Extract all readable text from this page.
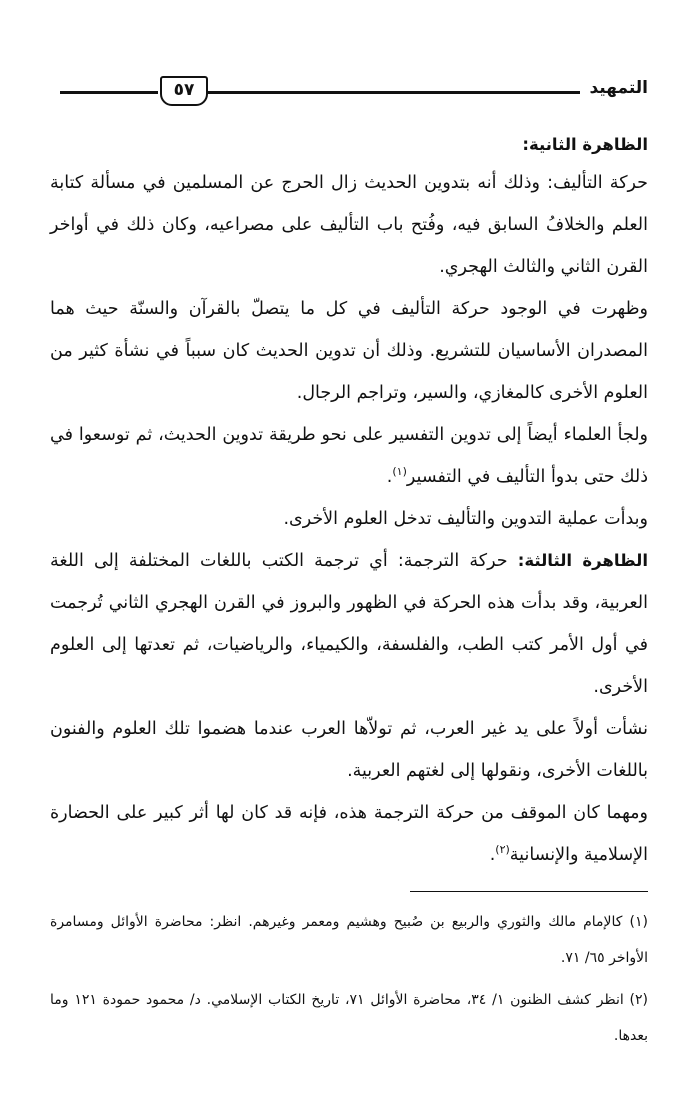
التمهيد
٥٧

الظاهرة الثانية:

حركة التأليف: وذلك أنه بتدوين الحديث زال الحرج عن المسلمين في مسألة كتابة العلم والخلافُ السابق فيه، وفُتح باب التأليف على مصراعيه، وكان ذلك في أواخر القرن الثاني والثالث الهجري.

وظهرت في الوجود حركة التأليف في كل ما يتصلّ بالقرآن والسنّة حيث هما المصدران الأساسيان للتشريع. وذلك أن تدوين الحديث كان سبباً في نشأة كثير من العلوم الأخرى كالمغازي، والسير، وتراجم الرجال.

ولجأ العلماء أيضاً إلى تدوين التفسير على نحو طريقة تدوين الحديث، ثم توسعوا في ذلك حتى بدوأ التأليف في التفسير$^{(١)}$.

وبدأت عملية التدوين والتأليف تدخل العلوم الأخرى.

الظاهرة الثالثة: حركة الترجمة: أي ترجمة الكتب باللغات المختلفة إلى اللغة العربية، وقد بدأت هذه الحركة في الظهور والبروز في القرن الهجري الثاني تُرجمت في أول الأمر كتب الطب، والفلسفة، والكيمياء، والرياضيات، ثم تعدتها إلى العلوم الأخرى.

نشأت أولاً على يد غير العرب، ثم تولاّها العرب عندما هضموا تلك العلوم والفنون باللغات الأخرى، ونقولها إلى لغتهم العربية.

ومهما كان الموقف من حركة الترجمة هذه، فإنه قد كان لها أثر كبير على الحضارة الإسلامية والإنسانية$^{(٢)}$.

(١) كالإمام مالك والثوري والربيع بن صُبيح وهشيم ومعمر وغيرهم. انظر: محاضرة الأوائل ومسامرة الأواخر ٦٥/ ٧١.

(٢) انظر كشف الظنون ١/ ٣٤، محاضرة الأوائل ٧١، تاريخ الكتاب الإسلامي. د/ محمود حمودة ١٢١ وما بعدها.
